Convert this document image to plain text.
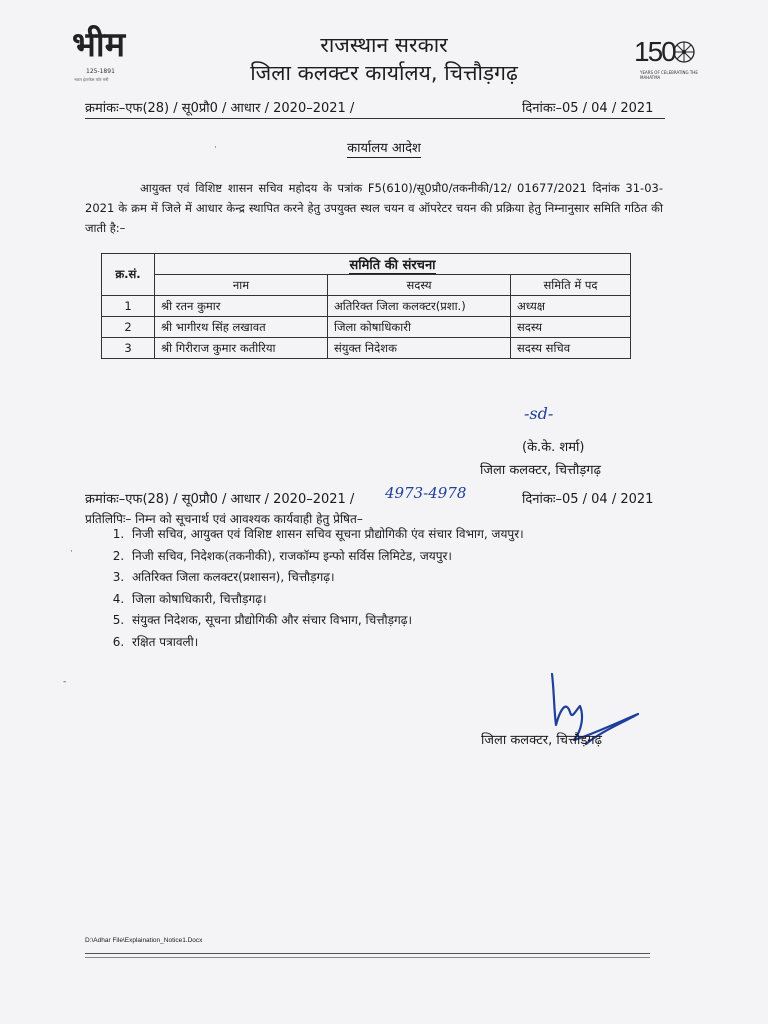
भीम
125-1891
भारत इंटरफेस फॉर मनी
150
YEARS OF CELEBRATING THE MAHATMA
राजस्थान सरकार
जिला कलक्टर कार्यालय, चित्तौड़गढ़
क्रमांकः–एफ(28) / सू0प्रौ0 / आधार / 2020–2021 /	दिनांकः–05 / 04 / 2021
कार्यालय आदेश
आयुक्त एवं विशिष्ट शासन सचिव महोदय के पत्रांक F5(610)/सू0प्रौ0/तकनीकी/12/ 01677/2021 दिनांक 31-03-2021 के क्रम में जिले में आधार केन्द्र स्थापित करने हेतु उपयुक्त स्थल चयन व ऑपरेटर चयन की प्रक्रिया हेतु निम्नानुसार समिति गठित की जाती है:–
क्र.सं.	समिति की संरचना		
	नाम	सदस्य	समिति में पद
1	श्री रतन कुमार	अतिरिक्त जिला कलक्टर(प्रशा.)	अध्यक्ष
2	श्री भागीरथ सिंह लखावत	जिला कोषाधिकारी	सदस्य
3	श्री गिरीराज कुमार कतीरिया	संयुक्त निदेशक	सदस्य सचिव
-sd-
(के.के. शर्मा)
जिला कलक्टर, चित्तौड़गढ़
क्रमांकः–एफ(28) / सू0प्रौ0 / आधार / 2020–2021 / 4973-4978	दिनांकः–05 / 04 / 2021
प्रतिलिपिः– निम्न को सूचनार्थ एवं आवश्यक कार्यवाही हेतु प्रेषित–
1. निजी सचिव, आयुक्त एवं विशिष्ट शासन सचिव सूचना प्रौद्योगिकी एंव संचार विभाग, जयपुर।
2. निजी सचिव, निदेशक(तकनीकी), राजकॉम्प इन्फो सर्विस लिमिटेड, जयपुर।
3. अतिरिक्त जिला कलक्टर(प्रशासन), चित्तौड़गढ़।
4. जिला कोषाधिकारी, चित्तौड़गढ़।
5. संयुक्त निदेशक, सूचना प्रौद्योगिकी और संचार विभाग, चित्तौड़गढ़।
6. रक्षित पत्रावली।
जिला कलक्टर, चित्तौड़गढ़
D:\Adhar File\Explaination_Notice1.Docx
·
-
·
